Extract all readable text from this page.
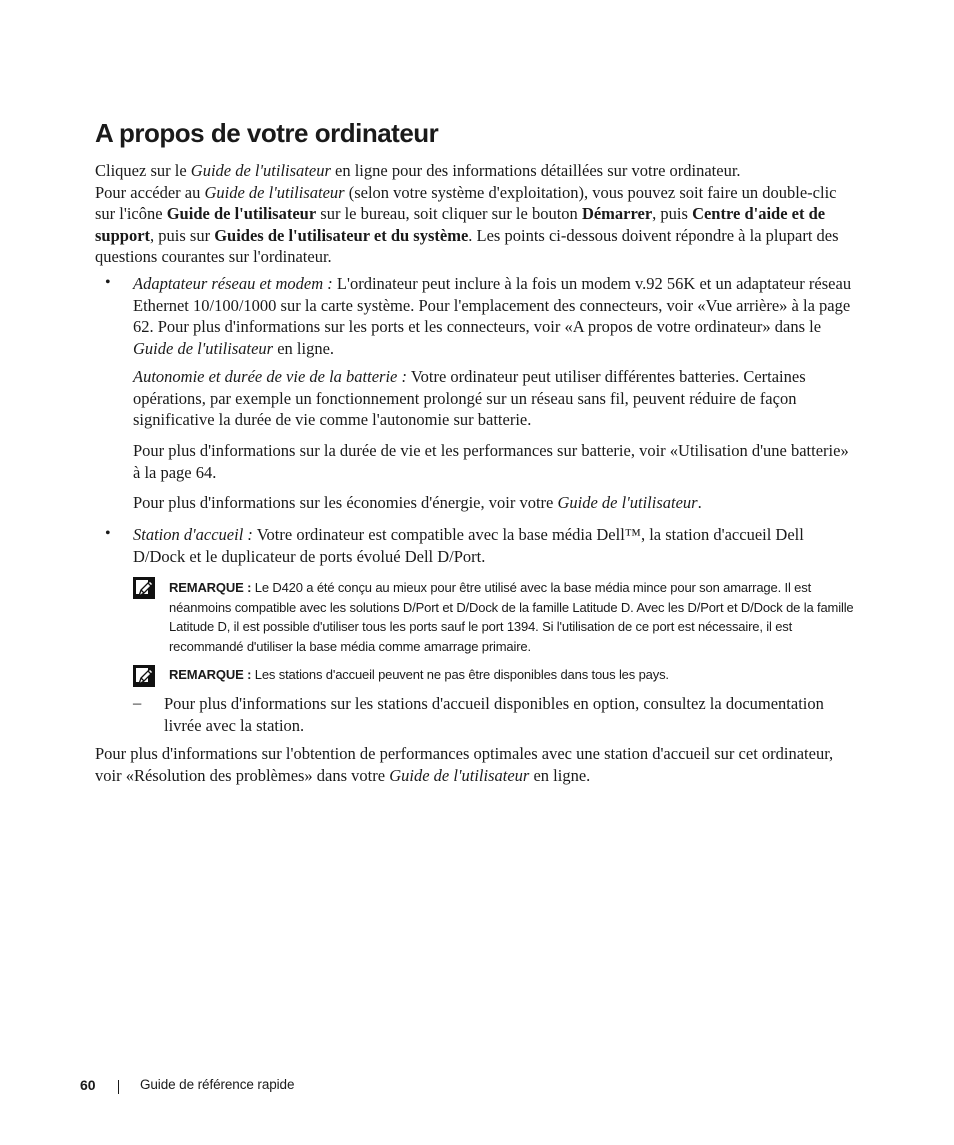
A propos de votre ordinateur

Cliquez sur le Guide de l'utilisateur en ligne pour des informations détaillées sur votre ordinateur.
Pour accéder au Guide de l'utilisateur (selon votre système d'exploitation), vous pouvez soit faire un double-clic sur l'icône Guide de l'utilisateur sur le bureau, soit cliquer sur le bouton Démarrer, puis Centre d'aide et de support, puis sur Guides de l'utilisateur et du système. Les points ci-dessous doivent répondre à la plupart des questions courantes sur l'ordinateur.

• Adaptateur réseau et modem : L'ordinateur peut inclure à la fois un modem v.92 56K et un adaptateur réseau Ethernet 10/100/1000 sur la carte système. Pour l'emplacement des connecteurs, voir «Vue arrière» à la page 62. Pour plus d'informations sur les ports et les connecteurs, voir «A propos de votre ordinateur» dans le Guide de l'utilisateur en ligne.

Autonomie et durée de vie de la batterie : Votre ordinateur peut utiliser différentes batteries. Certaines opérations, par exemple un fonctionnement prolongé sur un réseau sans fil, peuvent réduire de façon significative la durée de vie comme l'autonomie sur batterie.

Pour plus d'informations sur la durée de vie et les performances sur batterie, voir «Utilisation d'une batterie» à la page 64.

Pour plus d'informations sur les économies d'énergie, voir votre Guide de l'utilisateur.

• Station d'accueil : Votre ordinateur est compatible avec la base média Dell™, la station d'accueil Dell D/Dock et le duplicateur de ports évolué Dell D/Port.

REMARQUE : Le D420 a été conçu au mieux pour être utilisé avec la base média mince pour son amarrage. Il est néanmoins compatible avec les solutions D/Port et D/Dock de la famille Latitude D. Avec les D/Port et D/Dock de la famille Latitude D, il est possible d'utiliser tous les ports sauf le port 1394. Si l'utilisation de ce port est nécessaire, il est recommandé d'utiliser la base média comme amarrage primaire.

REMARQUE : Les stations d'accueil peuvent ne pas être disponibles dans tous les pays.

– Pour plus d'informations sur les stations d'accueil disponibles en option, consultez la documentation livrée avec la station.

Pour plus d'informations sur l'obtention de performances optimales avec une station d'accueil sur cet ordinateur, voir «Résolution des problèmes» dans votre Guide de l'utilisateur en ligne.

60	Guide de référence rapide
